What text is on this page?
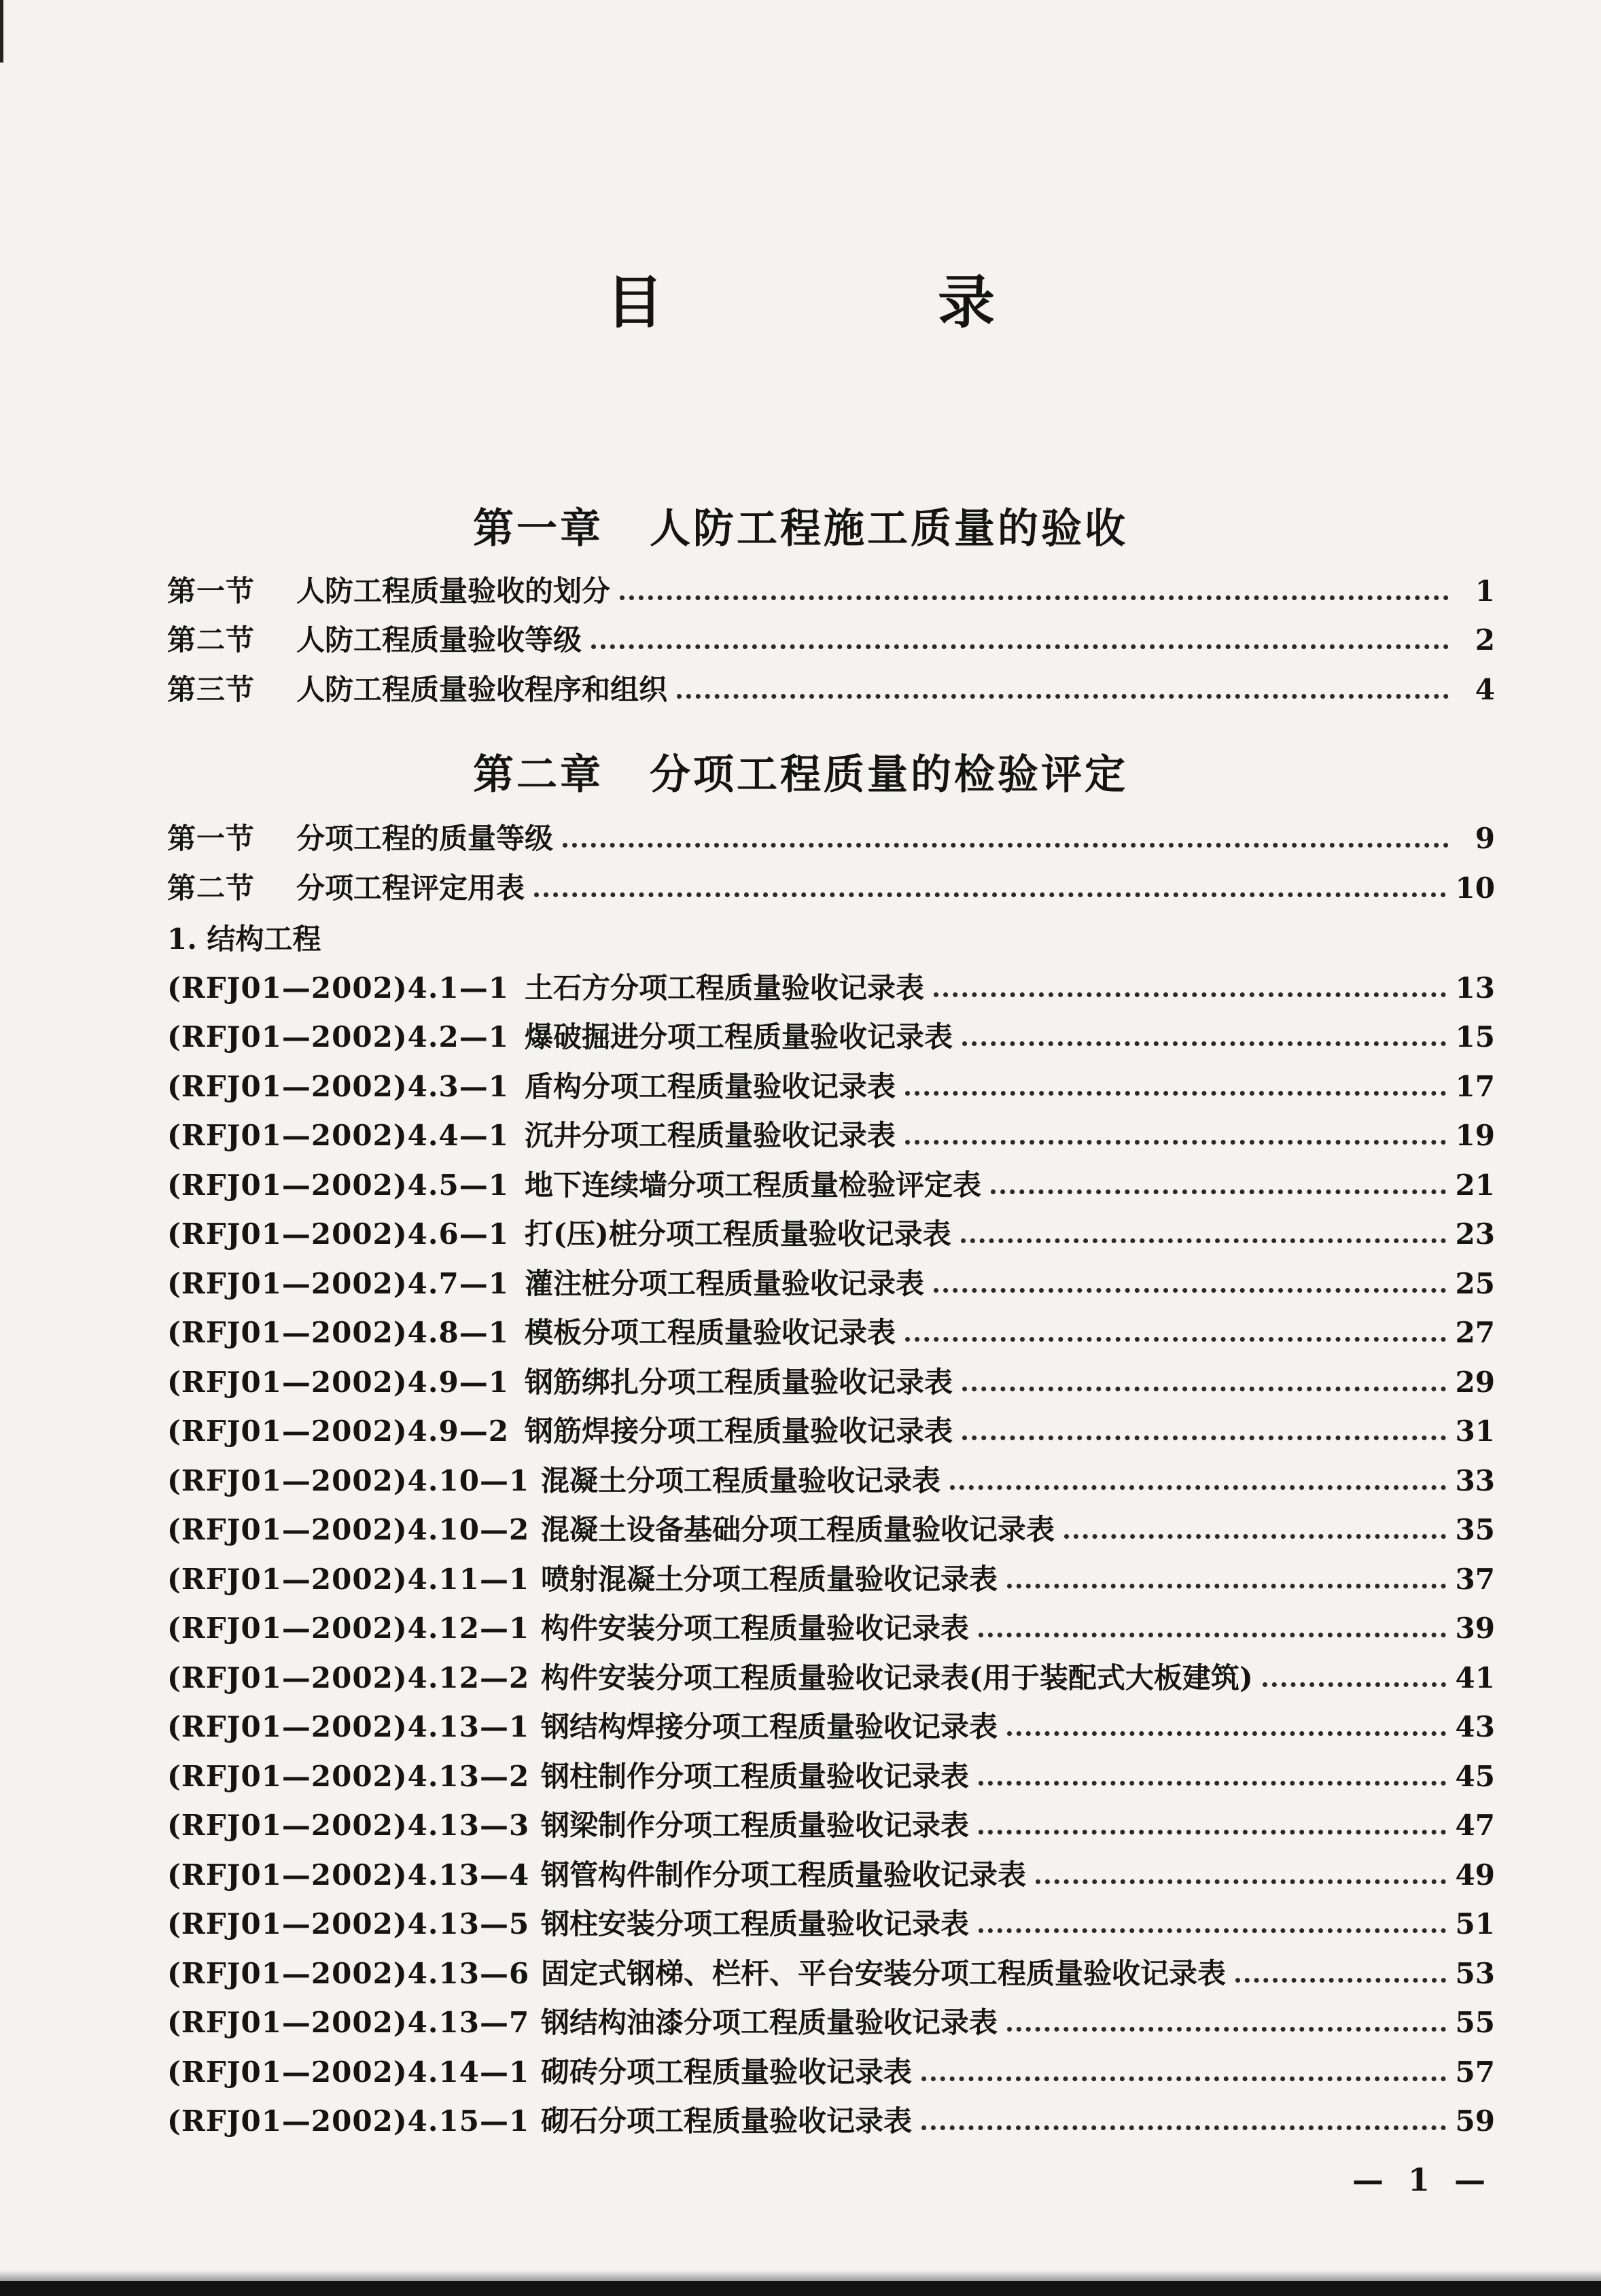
目　录
第一章 人防工程施工质量的验收
第一节	人防工程质量验收的划分	1
第二节	人防工程质量验收等级	2
第三节	人防工程质量验收程序和组织	4
第二章 分项工程质量的检验评定
第一节	分项工程的质量等级	9
第二节	分项工程评定用表	10
1. 结构工程
(RFJ01—2002)4.1—1 土石方分项工程质量验收记录表	13
(RFJ01—2002)4.2—1 爆破掘进分项工程质量验收记录表	15
(RFJ01—2002)4.3—1 盾构分项工程质量验收记录表	17
(RFJ01—2002)4.4—1 沉井分项工程质量验收记录表	19
(RFJ01—2002)4.5—1 地下连续墙分项工程质量检验评定表	21
(RFJ01—2002)4.6—1 打(压)桩分项工程质量验收记录表	23
(RFJ01—2002)4.7—1 灌注桩分项工程质量验收记录表	25
(RFJ01—2002)4.8—1 模板分项工程质量验收记录表	27
(RFJ01—2002)4.9—1 钢筋绑扎分项工程质量验收记录表	29
(RFJ01—2002)4.9—2 钢筋焊接分项工程质量验收记录表	31
(RFJ01—2002)4.10—1 混凝土分项工程质量验收记录表	33
(RFJ01—2002)4.10—2 混凝土设备基础分项工程质量验收记录表	35
(RFJ01—2002)4.11—1 喷射混凝土分项工程质量验收记录表	37
(RFJ01—2002)4.12—1 构件安装分项工程质量验收记录表	39
(RFJ01—2002)4.12—2 构件安装分项工程质量验收记录表(用于装配式大板建筑)	41
(RFJ01—2002)4.13—1 钢结构焊接分项工程质量验收记录表	43
(RFJ01—2002)4.13—2 钢柱制作分项工程质量验收记录表	45
(RFJ01—2002)4.13—3 钢梁制作分项工程质量验收记录表	47
(RFJ01—2002)4.13—4 钢管构件制作分项工程质量验收记录表	49
(RFJ01—2002)4.13—5 钢柱安装分项工程质量验收记录表	51
(RFJ01—2002)4.13—6 固定式钢梯、栏杆、平台安装分项工程质量验收记录表	53
(RFJ01—2002)4.13—7 钢结构油漆分项工程质量验收记录表	55
(RFJ01—2002)4.14—1 砌砖分项工程质量验收记录表	57
(RFJ01—2002)4.15—1 砌石分项工程质量验收记录表	59
— 1 —
